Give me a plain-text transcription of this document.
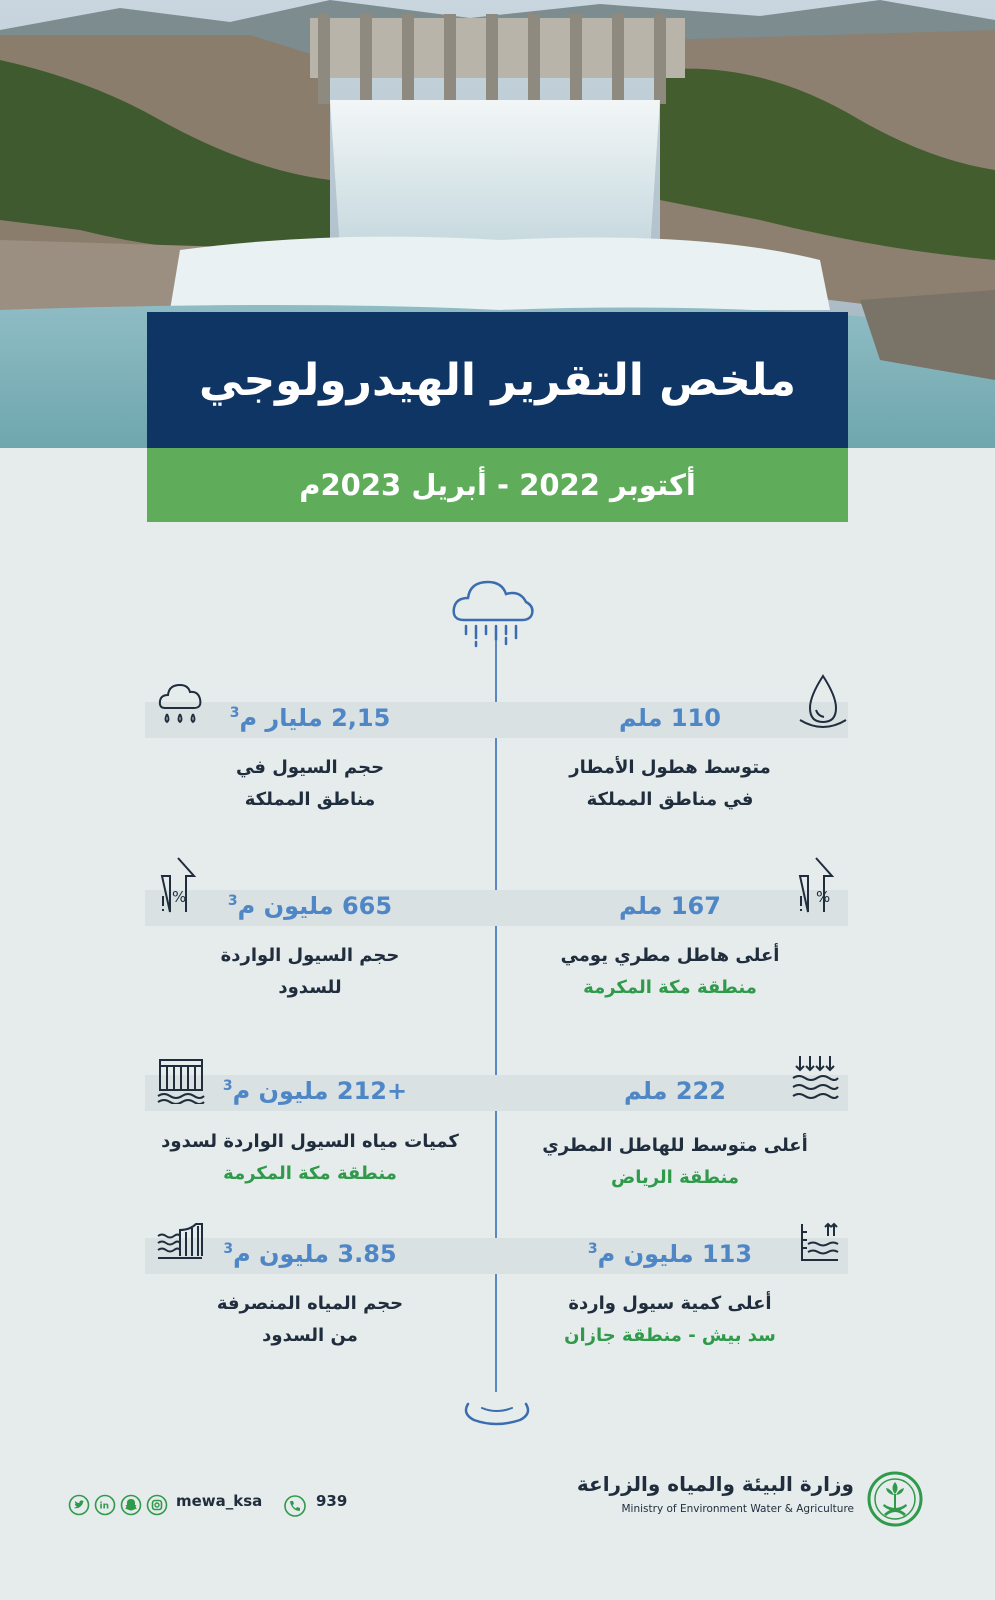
ملخص التقرير الهيدرولوجي
أكتوبر 2022 - أبريل 2023م
110 ملم
متوسط هطول الأمطار
في مناطق المملكة
2,15 مليار م$^3$
حجم السيول في
مناطق المملكة
167 ملم
أعلى هاطل مطري يومي
منطقة مكة المكرمة
%
665 مليون م$^3$
حجم السيول الواردة
للسدود
%
222 ملم
أعلى متوسط للهاطل المطري
منطقة الرياض
+212 مليون م$^3$
كميات مياه السيول الواردة لسدود
منطقة مكة المكرمة
113 مليون م$^3$
أعلى كمية سيول واردة
سد بيش - منطقة جازان
3.85 مليون م$^3$
حجم المياه المنصرفة
من السدود
in	mewa_ksa	939
وزارة البيئة والمياه والزراعة
Ministry of Environment Water & Agriculture
